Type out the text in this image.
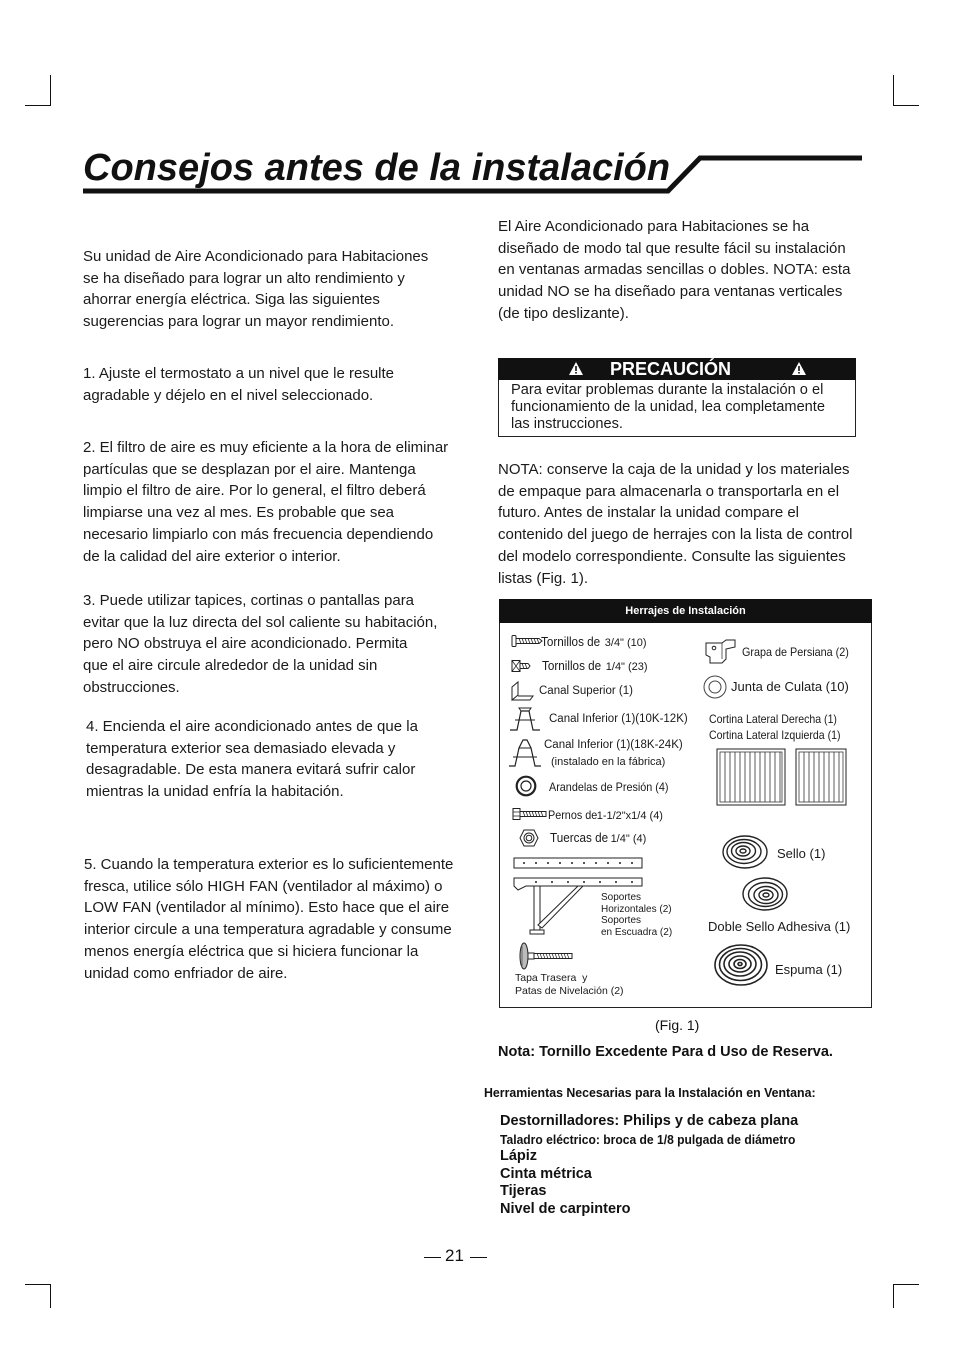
Consejos antes de la instalación
Su unidad de Aire Acondicionado para Habitaciones
se ha diseñado para lograr un alto rendimiento y
ahorrar energía eléctrica. Siga las siguientes
sugerencias para lograr un mayor rendimiento.
1. Ajuste el termostato a un nivel que le resulte
agradable y déjelo en el nivel seleccionado.
2. El filtro de aire es muy eficiente a la hora de eliminar
partículas que se desplazan por el aire. Mantenga
limpio el filtro de aire. Por lo general, el filtro deberá
limpiarse una vez al mes. Es probable que sea
necesario limpiarlo con más frecuencia dependiendo
de la calidad del aire exterior o interior.
3. Puede utilizar tapices, cortinas o pantallas para
evitar que la luz directa del sol caliente su habitación,
pero NO obstruya el aire acondicionado. Permita
que el aire circule alrededor de la unidad sin
obstrucciones.
4. Encienda el aire acondicionado antes de que la
temperatura exterior sea demasiado elevada y
desagradable. De esta manera evitará sufrir calor
mientras la unidad enfría la habitación.
5. Cuando la temperatura exterior es lo suficientemente
fresca, utilice sólo HIGH FAN (ventilador al máximo) o
LOW FAN (ventilador al mínimo). Esto hace que el aire
interior circule a una temperatura agradable y consume
menos energía eléctrica que si hiciera funcionar la
unidad como enfriador de aire.
El Aire Acondicionado para Habitaciones se ha
diseñado de modo tal que resulte fácil su instalación
en ventanas armadas sencillas o dobles. NOTA: esta
unidad NO se ha diseñado para ventanas verticales
(de tipo deslizante).
PRECAUCIÓN
Para evitar problemas durante la instalación o el
funcionamiento de la unidad, lea completamente
las instrucciones.
NOTA: conserve la caja de la unidad y los materiales
de empaque para almacenarla o transportarla en el
futuro. Antes de instalar la unidad compare el
contenido del juego de herrajes con la lista de control
del modelo correspondiente. Consulte las siguientes
listas (Fig. 1).
Herrajes de Instalación
Tornillos de 3/4" (10)
Tornillos de 1/4" (23)
Canal Superior (1)
Canal Inferior (1)(10K-12K)
Canal Inferior (1)(18K-24K)
(instalado en la fábrica)
Arandelas de Presión (4)
Pernos de1-1/2"x1/4 (4)
Tuercas de 1/4" (4)
Soportes
Horizontales (2)
Soportes
en Escuadra (2)
Tapa Trasera  y
Patas de Nivelación (2)
Grapa de Persiana (2)
Junta de Culata (10)
Cortina Lateral Derecha (1)
Cortina Lateral Izquierda (1)
Sello (1)
Doble Sello Adhesiva (1)
Espuma (1)
(Fig. 1)
Nota: Tornillo Excedente Para d Uso de Reserva.
Herramientas Necesarias para la Instalación en Ventana:
Destornilladores: Philips y de cabeza plana
Taladro eléctrico: broca de 1/8 pulgada de diámetro
Lápiz
Cinta métrica
Tijeras
Nivel de carpintero
21
